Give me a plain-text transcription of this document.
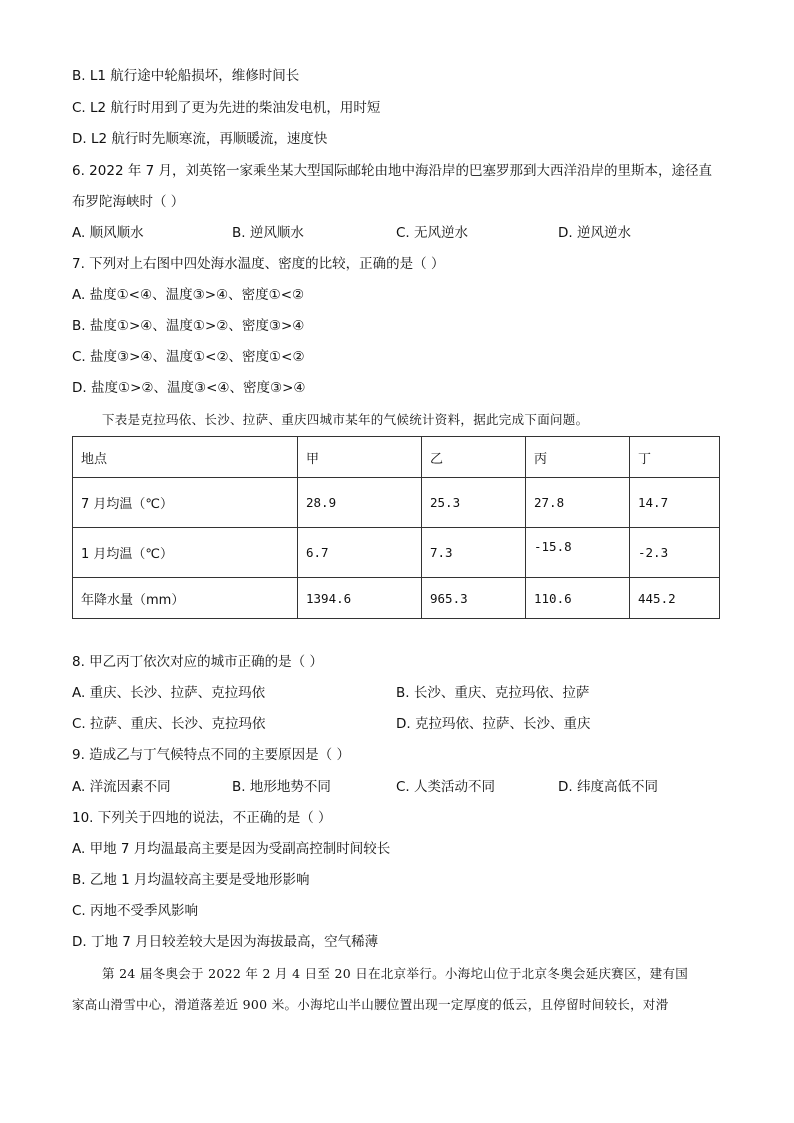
B. L1 航行途中轮船损坏，维修时间长
C. L2 航行时用到了更为先进的柴油发电机，用时短
D. L2 航行时先顺寒流，再顺暖流，速度快
6. 2022 年 7 月，刘英铭一家乘坐某大型国际邮轮由地中海沿岸的巴塞罗那到大西洋沿岸的里斯本，途径直
布罗陀海峡时（ ）
A. 顺风顺水	B. 逆风顺水	C. 无风逆水	D. 逆风逆水
7. 下列对上右图中四处海水温度、密度的比较，正确的是（ ）
A. 盐度①<④、温度③>④、密度①<②
B. 盐度①>④、温度①>②、密度③>④
C. 盐度③>④、温度①<②、密度①<②
D. 盐度①>②、温度③<④、密度③>④
下表是克拉玛依、长沙、拉萨、重庆四城市某年的气候统计资料，据此完成下面问题。
地点	甲	乙	丙	丁
7 月均温（℃）	28.9	25.3	27.8	14.7
1 月均温（℃）	6.7	7.3	-15.8	-2.3
年降水量（mm）	1394.6	965.3	110.6	445.2
8. 甲乙丙丁依次对应的城市正确的是（ ）
A. 重庆、长沙、拉萨、克拉玛依	B. 长沙、重庆、克拉玛依、拉萨
C. 拉萨、重庆、长沙、克拉玛依	D. 克拉玛依、拉萨、长沙、重庆
9. 造成乙与丁气候特点不同的主要原因是（ ）
A. 洋流因素不同	B. 地形地势不同	C. 人类活动不同	D. 纬度高低不同
10. 下列关于四地的说法，不正确的是（ ）
A. 甲地 7 月均温最高主要是因为受副高控制时间较长
B. 乙地 1 月均温较高主要是受地形影响
C. 丙地不受季风影响
D. 丁地 7 月日较差较大是因为海拔最高，空气稀薄
第 24 届冬奥会于 2022 年 2 月 4 日至 20 日在北京举行。小海坨山位于北京冬奥会延庆赛区，建有国
家高山滑雪中心，滑道落差近 900 米。小海坨山半山腰位置出现一定厚度的低云，且停留时间较长，对滑
